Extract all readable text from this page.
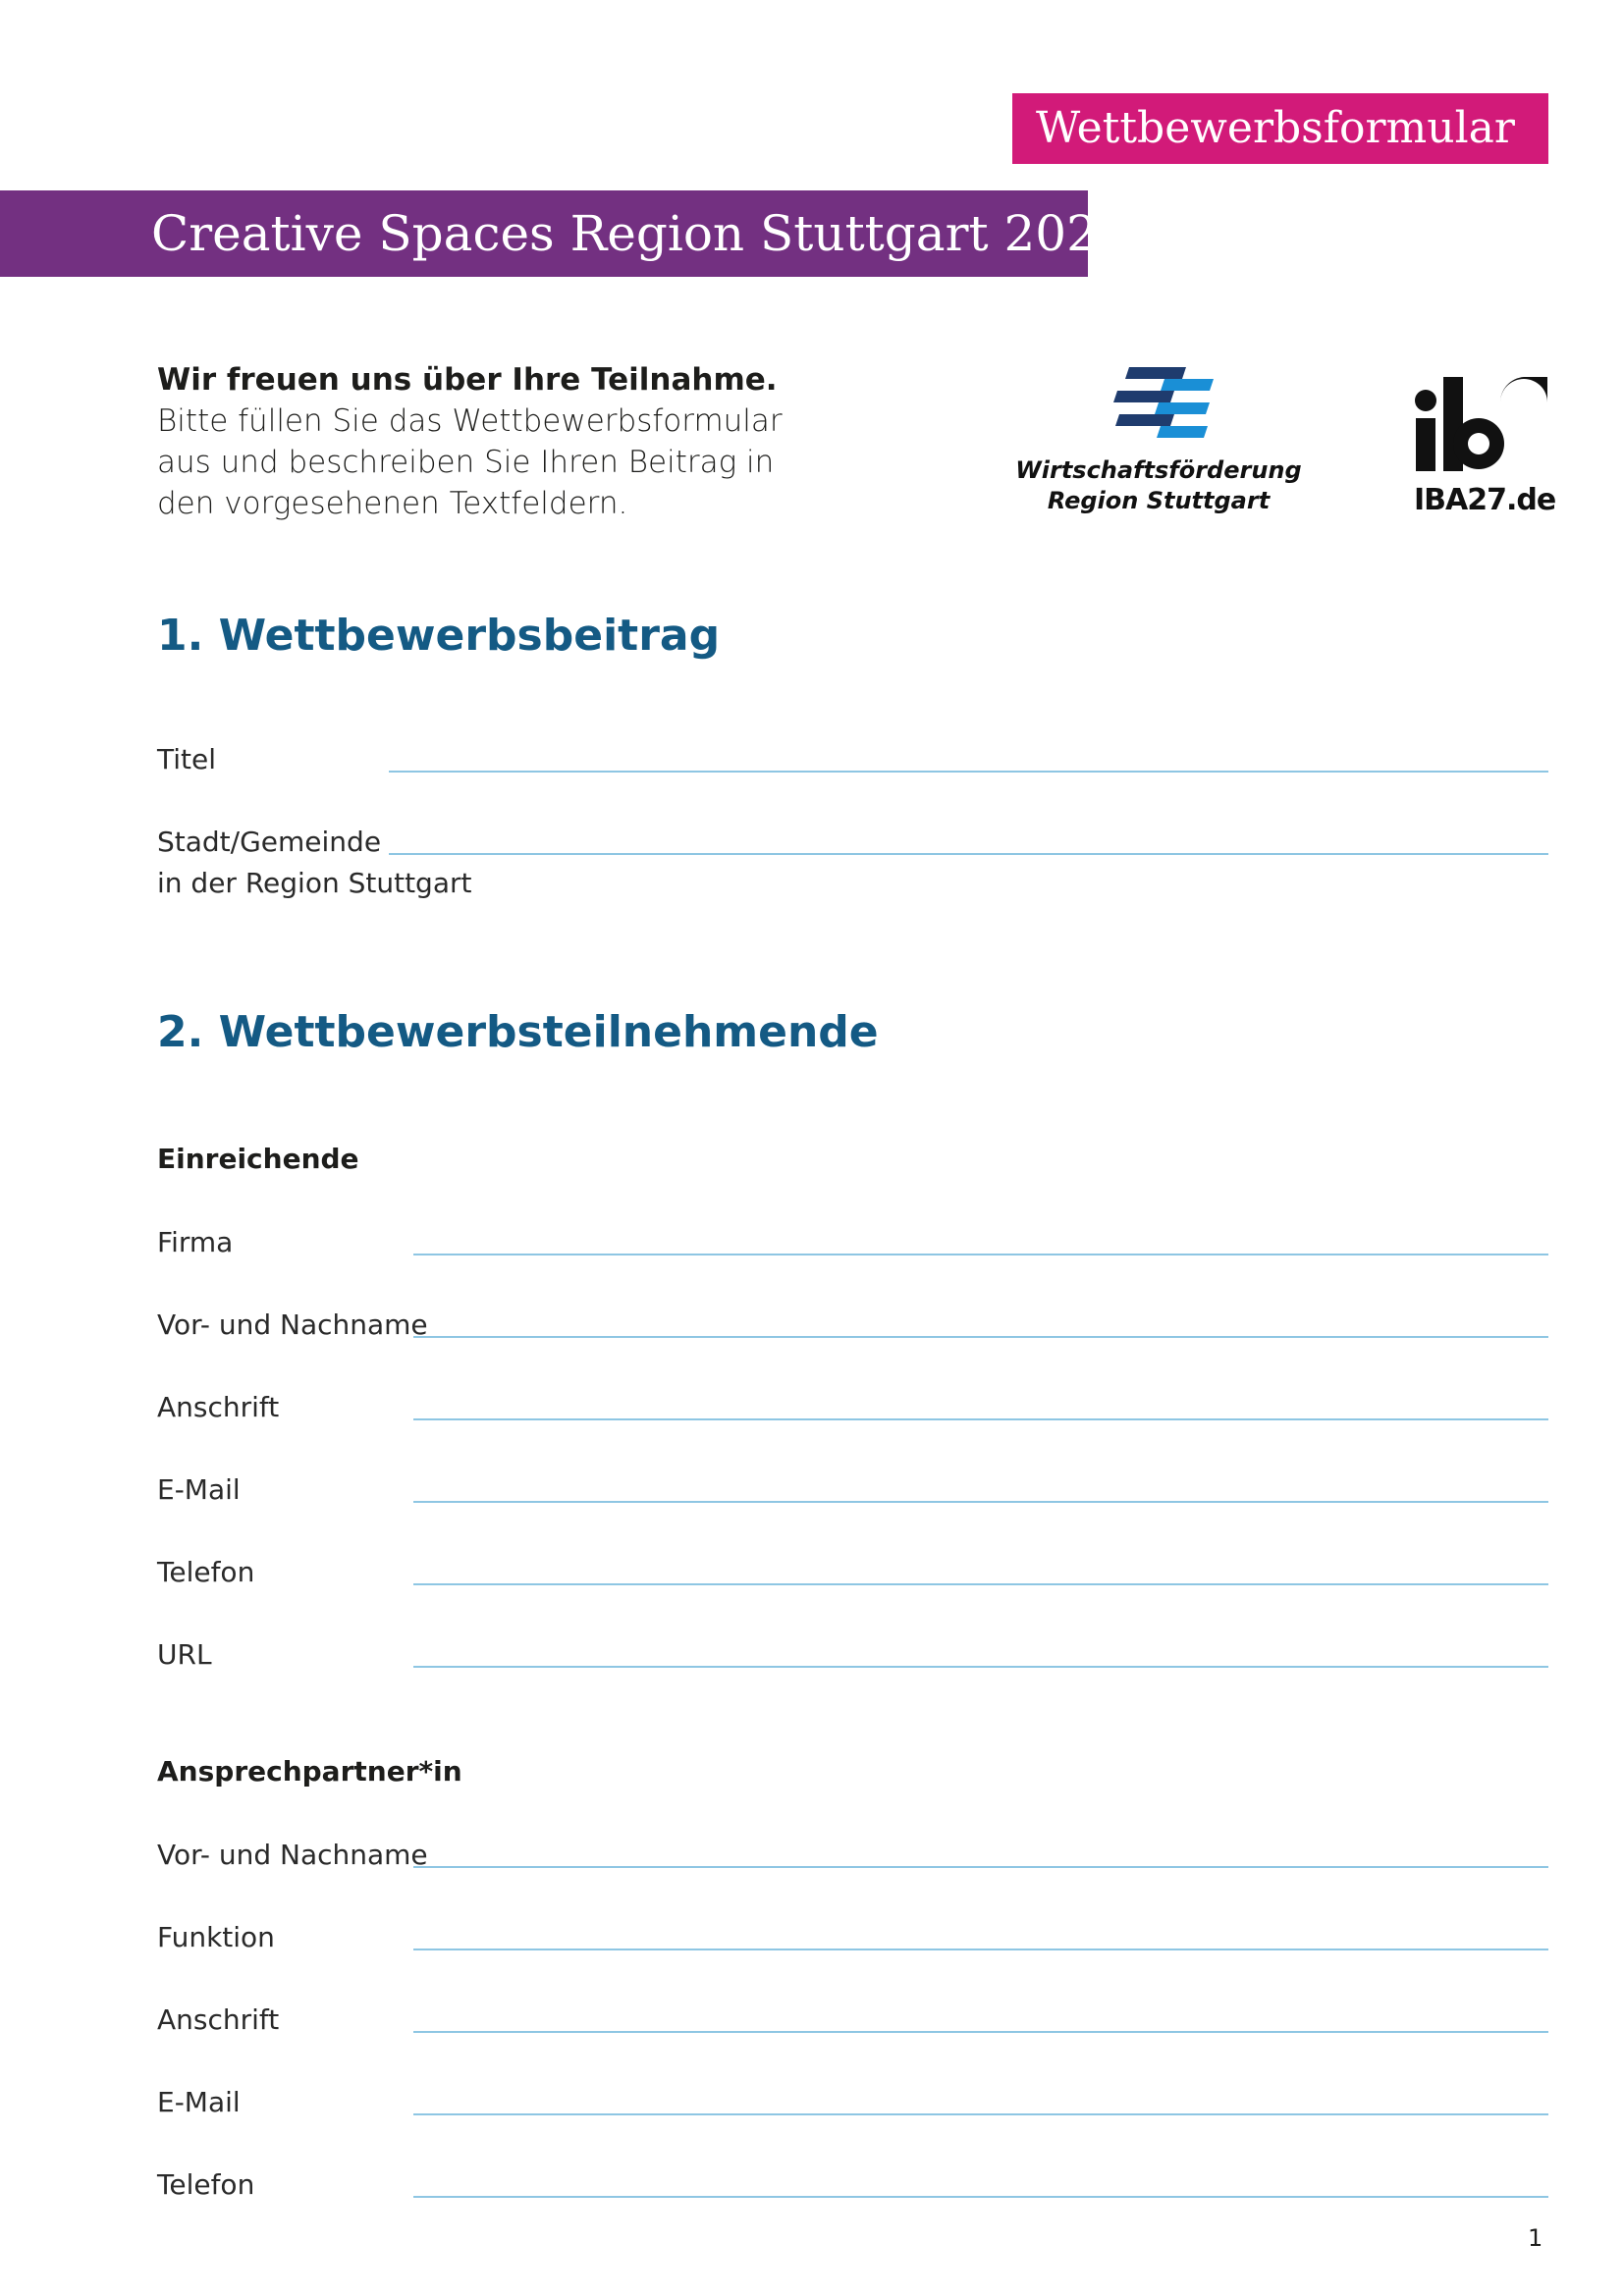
Wettbewerbsformular
Creative Spaces Region Stuttgart 2023
Wir freuen uns über Ihre Teilnahme.
Bitte füllen Sie das Wettbewerbsformular
aus und beschreiben Sie Ihren Beitrag in
den vorgesehenen Textfeldern.
Wirtschaftsförderung
Region Stuttgart	IBA27.de
1. Wettbewerbsbeitrag
Titel
Stadt/Gemeinde
in der Region Stuttgart
2. Wettbewerbsteilnehmende
Einreichende
Firma
Vor- und Nachname
Anschrift
E-Mail
Telefon
URL
Ansprechpartner*in
Vor- und Nachname
Funktion
Anschrift
E-Mail
Telefon
1
